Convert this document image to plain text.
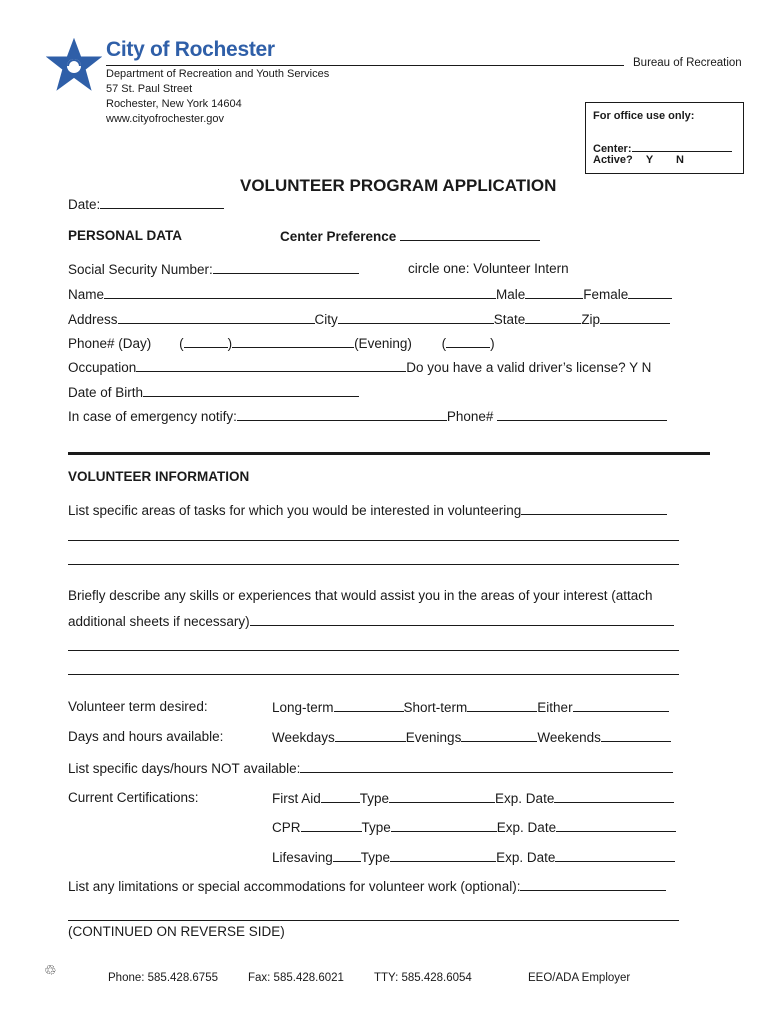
City of Rochester
Bureau of Recreation
Department of Recreation and Youth Services
57 St. Paul Street
Rochester, New York 14604
www.cityofrochester.gov	For office use only:
Center:
Active? Y N
VOLUNTEER PROGRAM APPLICATION
Date:
PERSONAL DATA	Center Preference
Social Security Number:	circle one: Volunteer Intern
Name	Male	Female
Address	City	State	Zip
Phone# (Day) (	)	(Evening) (	)
Occupation	Do you have a valid driver’s license? Y N
Date of Birth
In case of emergency notify:	Phone#
VOLUNTEER INFORMATION
List specific areas of tasks for which you would be interested in volunteering
Briefly describe any skills or experiences that would assist you in the areas of your interest (attach
additional sheets if necessary)
Volunteer term desired:	Long-term	Short-term	Either
Days and hours available:	Weekdays	Evenings	Weekends
List specific days/hours NOT available:
Current Certifications:	First Aid	Type	Exp. Date
CPR	Type	Exp. Date
Lifesaving Type	Exp. Date
List any limitations or special accommodations for volunteer work (optional):
(CONTINUED ON REVERSE SIDE)
♲	Phone: 585.428.6755	Fax: 585.428.6021	TTY: 585.428.6054	EEO/ADA Employer
